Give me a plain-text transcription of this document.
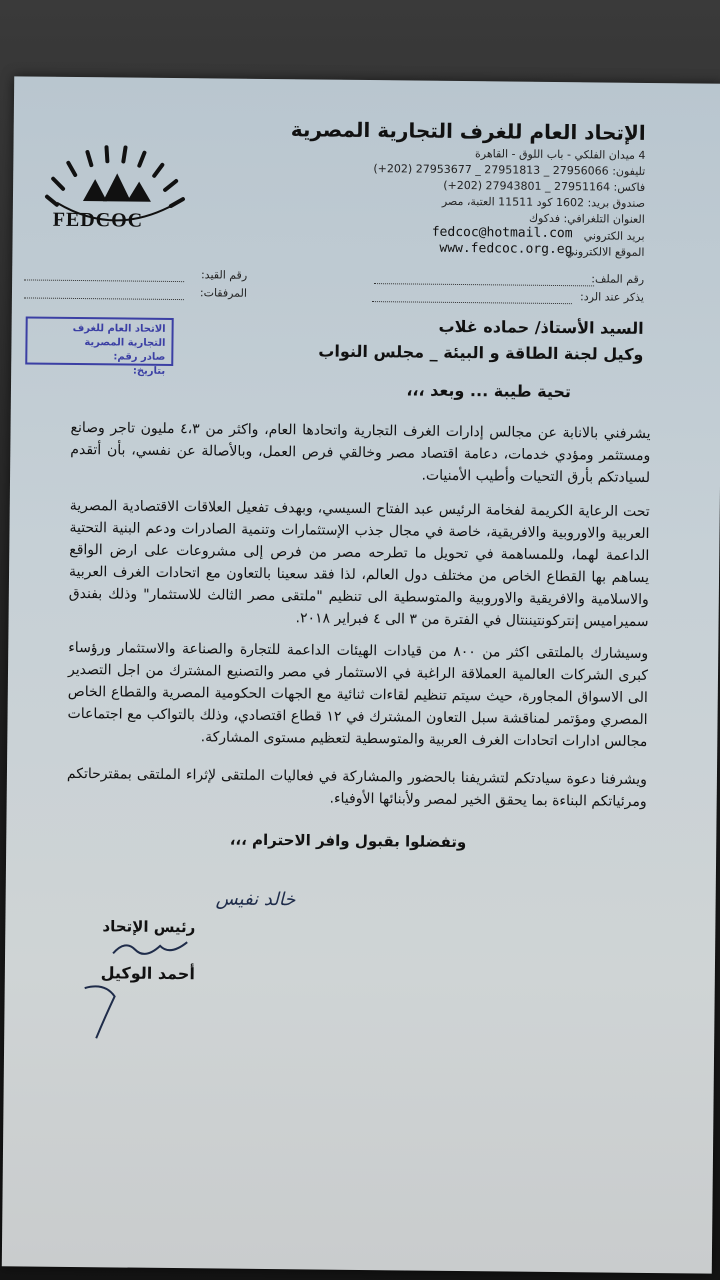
الإتحاد العام للغرف التجارية المصرية
4 ميدان الفلكي - باب اللوق - القاهرة
تليفون: 27956066 _ 27951813 _ 27953677 (202+)
فاكس: 27951164 _ 27943801 (202+)
صندوق بريد: 1602 كود 11511 العتبة، مصر
العنوان التلغرافي: فدكوك
بريد الكتروني
fedcoc@hotmail.com
الموقع الالكتروني
www.fedcoc.org.eg
FEDCOC
رقم الملف:
يذكر عند الرد:
رقم القيد:
المرفقات:
الاتحاد العام للغرف التجارية المصرية
صادر رقم:
بتاريخ:
السيد الأستاذ/ حماده غلاب
وكيل لجنة الطاقة و البيئة _ مجلس النواب
تحية طيبة ... وبعد ،،،
يشرفني بالانابة عن مجالس إدارات الغرف التجارية واتحادها العام، واكثر من ٤،٣ مليون تاجر وصانع ومستثمر ومؤدي خدمات، دعامة اقتصاد مصر وخالقي فرص العمل، وبالأصالة عن نفسي، بأن أتقدم لسيادتكم بأرق التحيات وأطيب الأمنيات.
تحت الرعاية الكريمة لفخامة الرئيس عبد الفتاح السيسي، وبهدف تفعيل العلاقات الاقتصادية المصرية العربية والاوروبية والافريقية، خاصة في مجال جذب الإستثمارات وتنمية الصادرات ودعم البنية التحتية الداعمة لهما، وللمساهمة في تحويل ما تطرحه مصر من فرص إلى مشروعات على ارض الواقع يساهم بها القطاع الخاص من مختلف دول العالم، لذا فقد سعينا بالتعاون مع اتحادات الغرف العربية والاسلامية والافريقية والاوروبية والمتوسطية الى تنظيم "ملتقى مصر الثالث للاستثمار" وذلك بفندق سميراميس إنتركونتيننتال في الفترة من ٣ الى ٤ فبراير ٢٠١٨.
وسيشارك بالملتقى اكثر من ٨٠٠ من قيادات الهيئات الداعمة للتجارة والصناعة والاستثمار ورؤساء كبرى الشركات العالمية العملاقة الراغبة في الاستثمار في مصر والتصنيع المشترك من اجل التصدير الى الاسواق المجاورة، حيث سيتم تنظيم لقاءات ثنائية مع الجهات الحكومية المصرية والقطاع الخاص المصري ومؤتمر لمناقشة سبل التعاون المشترك في ١٢ قطاع اقتصادي، وذلك بالتواكب مع اجتماعات مجالس ادارات اتحادات الغرف العربية والمتوسطية لتعظيم مستوى المشاركة.
ويشرفنا دعوة سيادتكم لتشريفنا بالحضور والمشاركة في فعاليات الملتقى لإثراء الملتقى بمقترحاتكم ومرئياتكم البناءة بما يحقق الخير لمصر ولأبنائها الأوفياء.
وتفضلوا بقبول وافر الاحترام ،،،
رئيس الإتحاد
أحمد الوكيل
خالد نفيس
